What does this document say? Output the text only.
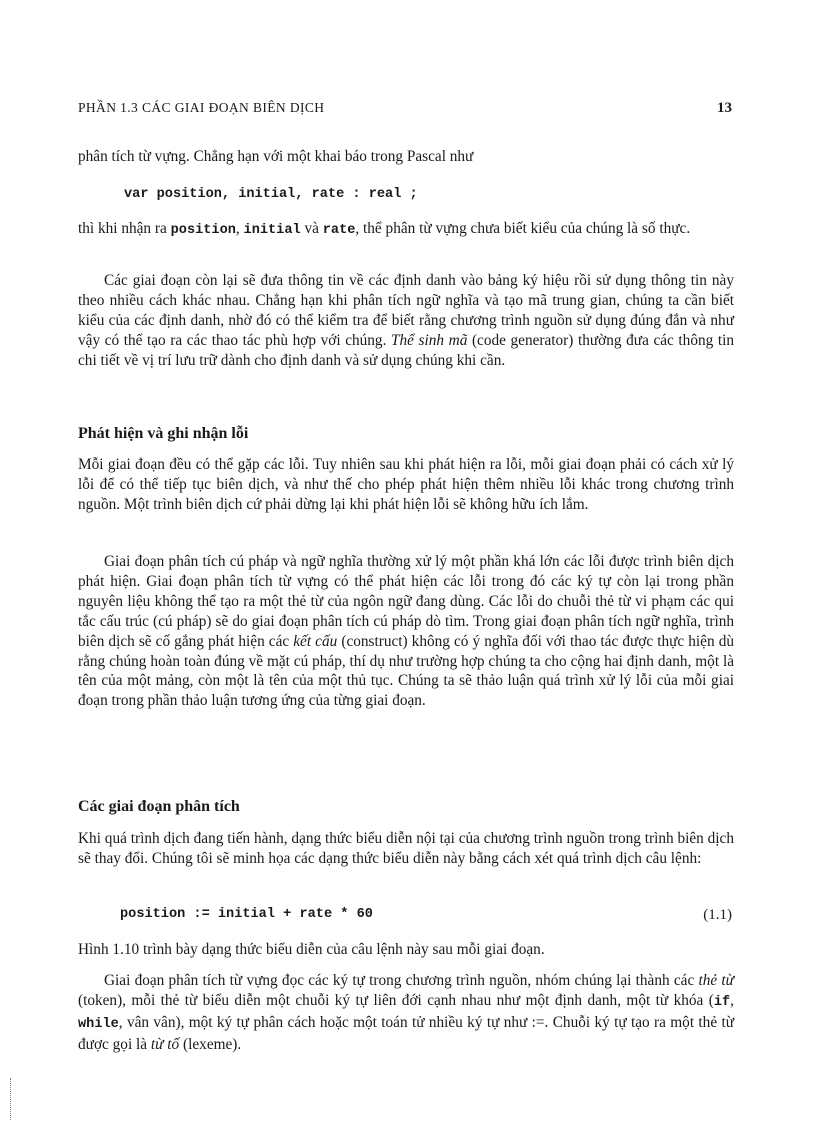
PHẦN 1.3 CÁC GIAI ĐOẠN BIÊN DỊCH	13

phân tích từ vựng. Chẳng hạn với một khai báo trong Pascal như

var position, initial, rate : real ;

thì khi nhận ra position, initial và rate, thể phân từ vựng chưa biết kiểu của chúng là số thực.

Các giai đoạn còn lại sẽ đưa thông tin về các định danh vào bảng ký hiệu rồi sử dụng thông tin này theo nhiều cách khác nhau. Chẳng hạn khi phân tích ngữ nghĩa và tạo mã trung gian, chúng ta cần biết kiểu của các định danh, nhờ đó có thể kiểm tra để biết rằng chương trình nguồn sử dụng đúng đắn và như vậy có thể tạo ra các thao tác phù hợp với chúng. Thể sinh mã (code generator) thường đưa các thông tin chi tiết về vị trí lưu trữ dành cho định danh và sử dụng chúng khi cần.

Phát hiện và ghi nhận lỗi

Mỗi giai đoạn đều có thể gặp các lỗi. Tuy nhiên sau khi phát hiện ra lỗi, mỗi giai đoạn phải có cách xử lý lỗi để có thể tiếp tục biên dịch, và như thế cho phép phát hiện thêm nhiều lỗi khác trong chương trình nguồn. Một trình biên dịch cứ phải dừng lại khi phát hiện lỗi sẽ không hữu ích lắm.

Giai đoạn phân tích cú pháp và ngữ nghĩa thường xử lý một phần khá lớn các lỗi được trình biên dịch phát hiện. Giai đoạn phân tích từ vựng có thể phát hiện các lỗi trong đó các ký tự còn lại trong phần nguyên liệu không thể tạo ra một thẻ từ của ngôn ngữ đang dùng. Các lỗi do chuỗi thẻ từ vi phạm các qui tắc cấu trúc (cú pháp) sẽ do giai đoạn phân tích cú pháp dò tìm. Trong giai đoạn phân tích ngữ nghĩa, trình biên dịch sẽ cố gắng phát hiện các kết cấu (construct) không có ý nghĩa đối với thao tác được thực hiện dù rằng chúng hoàn toàn đúng về mặt cú pháp, thí dụ như trường hợp chúng ta cho cộng hai định danh, một là tên của một mảng, còn một là tên của một thủ tục. Chúng ta sẽ thảo luận quá trình xử lý lỗi của mỗi giai đoạn trong phần thảo luận tương ứng của từng giai đoạn.

Các giai đoạn phân tích

Khi quá trình dịch đang tiến hành, dạng thức biểu diễn nội tại của chương trình nguồn trong trình biên dịch sẽ thay đổi. Chúng tôi sẽ minh họa các dạng thức biểu diễn này bằng cách xét quá trình dịch câu lệnh:

position := initial + rate * 60	(1.1)

Hình 1.10 trình bày dạng thức biểu diễn của câu lệnh này sau mỗi giai đoạn.

Giai đoạn phân tích từ vựng đọc các ký tự trong chương trình nguồn, nhóm chúng lại thành các thẻ từ (token), mỗi thẻ từ biểu diễn một chuỗi ký tự liên đới cạnh nhau như một định danh, một từ khóa (if, while, vân vân), một ký tự phân cách hoặc một toán tử nhiều ký tự như :=. Chuỗi ký tự tạo ra một thẻ từ được gọi là từ tố (lexeme).
